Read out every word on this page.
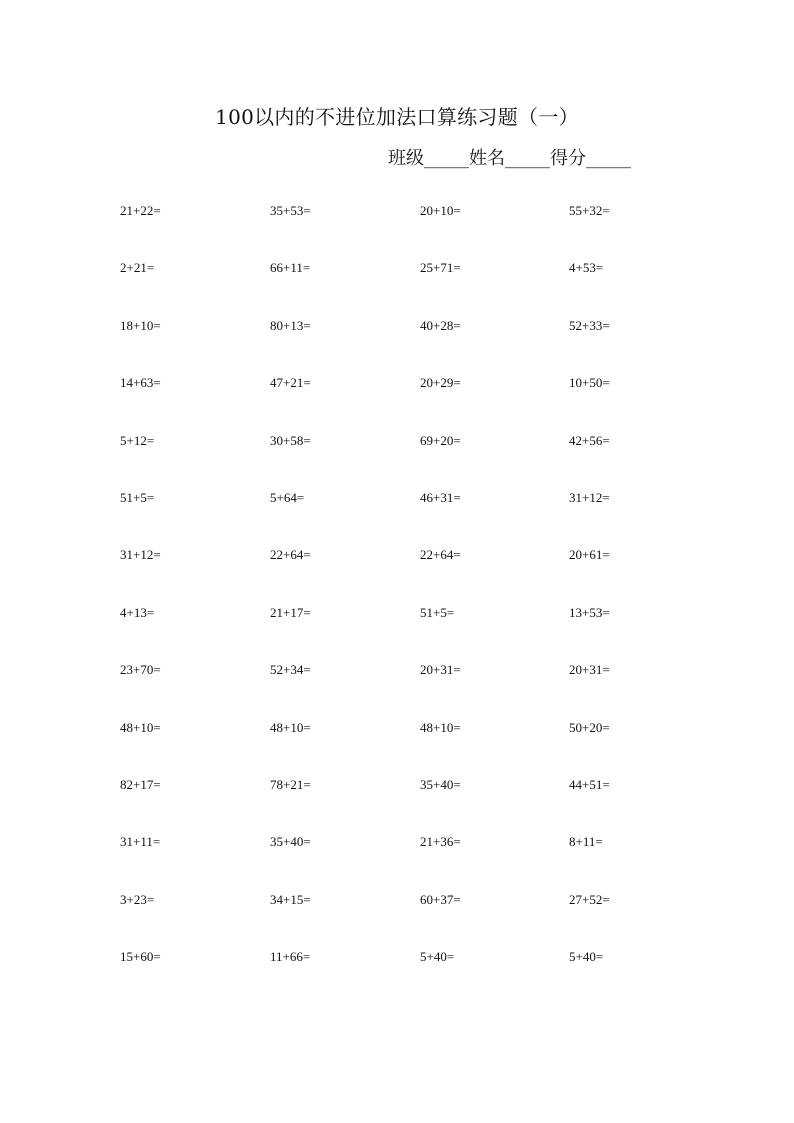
100以内的不进位加法口算练习题（一）
班级_____姓名_____得分_____
21+22=	35+53=	20+10=	55+32=
2+21=	66+11=	25+71=	4+53=
18+10=	80+13=	40+28=	52+33=
14+63=	47+21=	20+29=	10+50=
5+12=	30+58=	69+20=	42+56=
51+5=	5+64=	46+31=	31+12=
31+12=	22+64=	22+64=	20+61=
4+13=	21+17=	51+5=	13+53=
23+70=	52+34=	20+31=	20+31=
48+10=	48+10=	48+10=	50+20=
82+17=	78+21=	35+40=	44+51=
31+11=	35+40=	21+36=	8+11=
3+23=	34+15=	60+37=	27+52=
15+60=	11+66=	5+40=	5+40=
